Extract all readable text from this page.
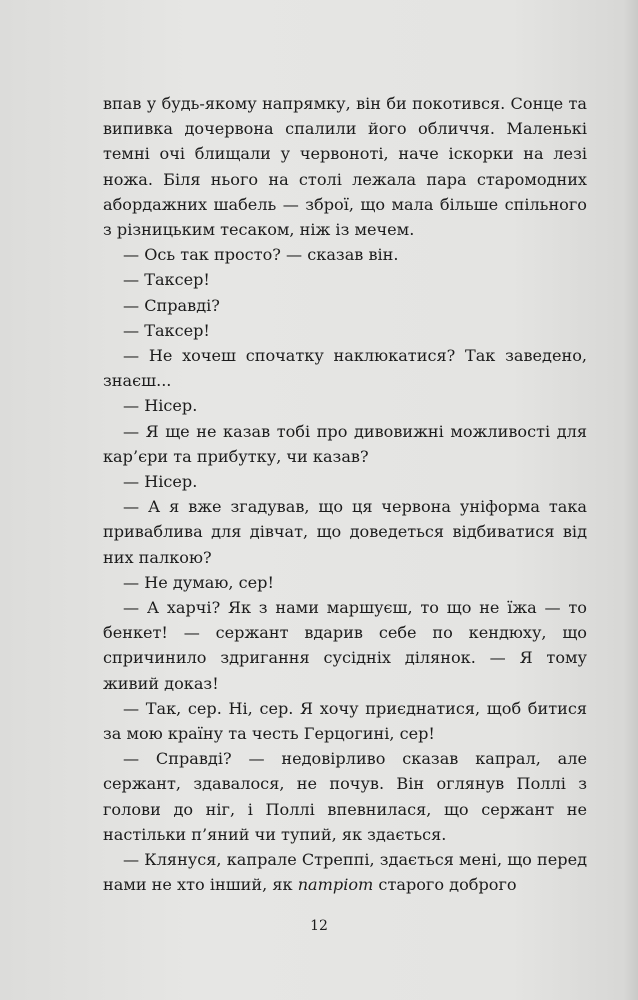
впав у будь-якому напрямку, він би покотився. Сонце та випивка дочервона спалили його обличчя. Маленькі темні очі блищали у червоноті, наче іскорки на лезі ножа. Біля нього на столі лежала пара старомодних абордажних шабель — зброї, що мала більше спільного з різницьким тесаком, ніж із мечем.

— Ось так просто? — сказав він.

— Таксер!

— Справді?

— Таксер!

— Не хочеш спочатку наклюкатися? Так заведено, знаєш...

— Нісер.

— Я ще не казав тобі про дивовижні можливості для кар’єри та прибутку, чи казав?

— Нісер.

— А я вже згадував, що ця червона уніформа така приваблива для дівчат, що доведеться відбиватися від них палкою?

— Не думаю, сер!

— А харчі? Як з нами маршуєш, то що не їжа — то бенкет! — сержант вдарив себе по кендюху, що спричинило здригання сусідніх ділянок. — Я тому живий доказ!

— Так, сер. Ні, сер. Я хочу приєднатися, щоб битися за мою країну та честь Герцогині, сер!

— Справді? — недовірливо сказав капрал, але сержант, здавалося, не почув. Він оглянув Поллі з голови до ніг, і Поллі впевнилася, що сержант не настільки п’яний чи тупий, як здається.

— Клянуся, капрале Стреппі, здається мені, що перед нами не хто інший, як патріот старого доброго

12
